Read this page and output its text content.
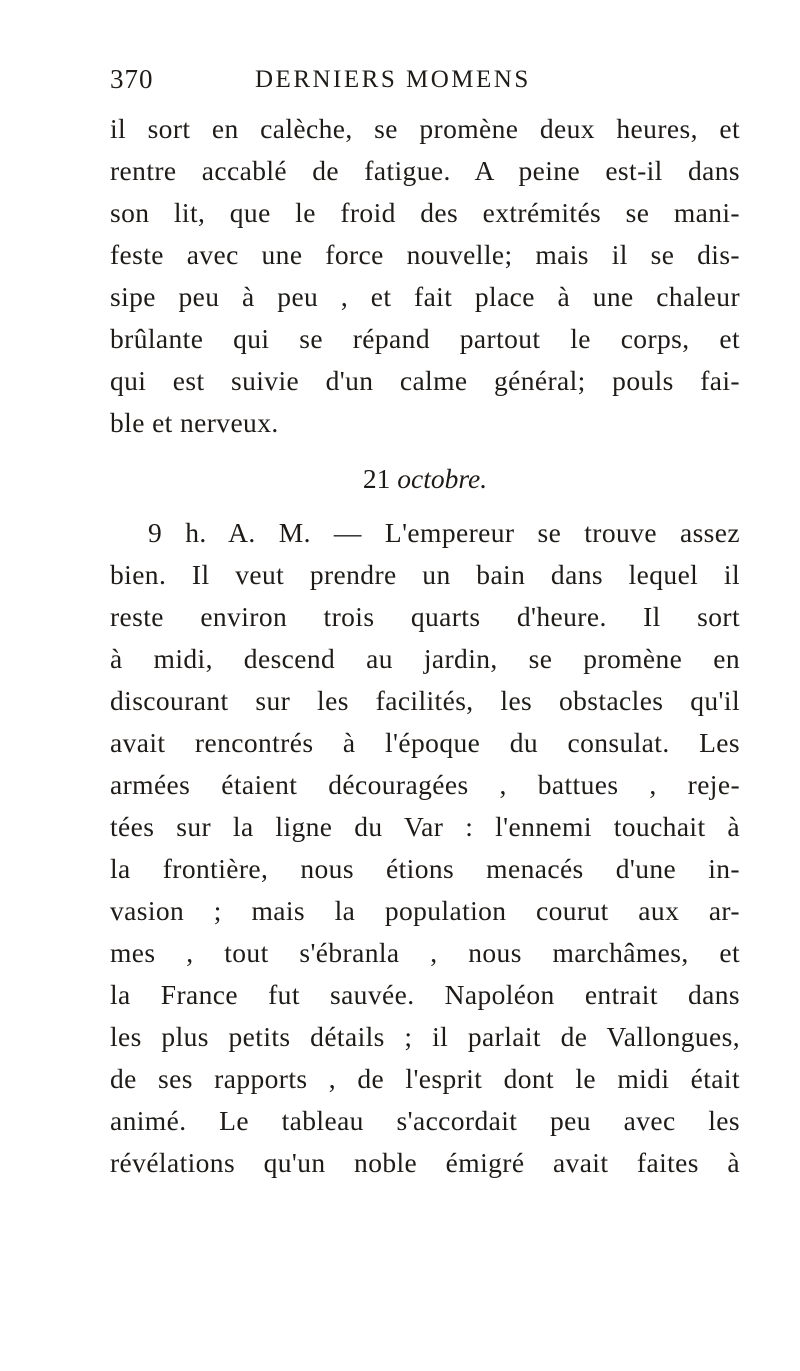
370	DERNIERS MOMENS
il sort en calèche, se promène deux heures, et
rentre accablé de fatigue. A peine est-il dans
son lit, que le froid des extrémités se mani-
feste avec une force nouvelle; mais il se dis-
sipe peu à peu , et fait place à une chaleur
brûlante qui se répand partout le corps, et
qui est suivie d'un calme général; pouls fai-
ble et nerveux.
21 octobre.
9 h. A. M. — L'empereur se trouve assez
bien. Il veut prendre un bain dans lequel il
reste environ trois quarts d'heure. Il sort
à midi, descend au jardin, se promène en
discourant sur les facilités, les obstacles qu'il
avait rencontrés à l'époque du consulat. Les
armées étaient découragées , battues , reje-
tées sur la ligne du Var : l'ennemi touchait à
la frontière, nous étions menacés d'une in-
vasion ; mais la population courut aux ar-
mes , tout s'ébranla , nous marchâmes, et
la France fut sauvée. Napoléon entrait dans
les plus petits détails ; il parlait de Vallongues,
de ses rapports , de l'esprit dont le midi était
animé. Le tableau s'accordait peu avec les
révélations qu'un noble émigré avait faites à
